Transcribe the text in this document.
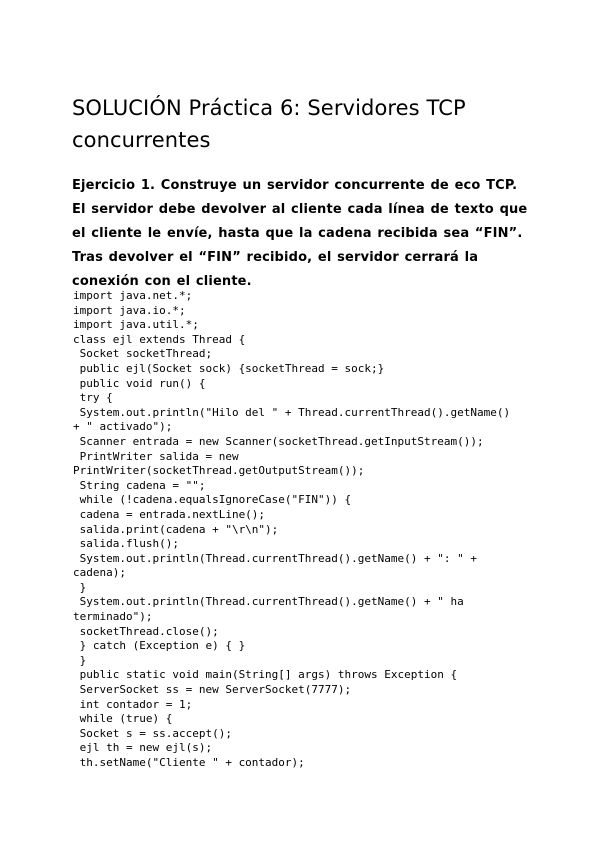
SOLUCIÓN Práctica 6: Servidores TCP concurrentes

Ejercicio 1. Construye un servidor concurrente de eco TCP. El servidor debe devolver al cliente cada línea de texto que el cliente le envíe, hasta que la cadena recibida sea “FIN”. Tras devolver el “FIN” recibido, el servidor cerrará la conexión con el cliente.

import java.net.*;
import java.io.*;
import java.util.*;
class ejl extends Thread {
Socket socketThread;
public ejl(Socket sock) {socketThread = sock;}
public void run() {
try {
System.out.println("Hilo del " + Thread.currentThread().getName()
+ " activado");
Scanner entrada = new Scanner(socketThread.getInputStream());
PrintWriter salida = new
PrintWriter(socketThread.getOutputStream());
String cadena = "";
while (!cadena.equalsIgnoreCase("FIN")) {
cadena = entrada.nextLine();
salida.print(cadena + "\r\n");
salida.flush();
System.out.println(Thread.currentThread().getName() + ": " +
cadena);
}
System.out.println(Thread.currentThread().getName() + " ha
terminado");
socketThread.close();
} catch (Exception e) { }
}
public static void main(String[] args) throws Exception {
ServerSocket ss = new ServerSocket(7777);
int contador = 1;
while (true) {
Socket s = ss.accept();
ejl th = new ejl(s);
th.setName("Cliente " + contador);
